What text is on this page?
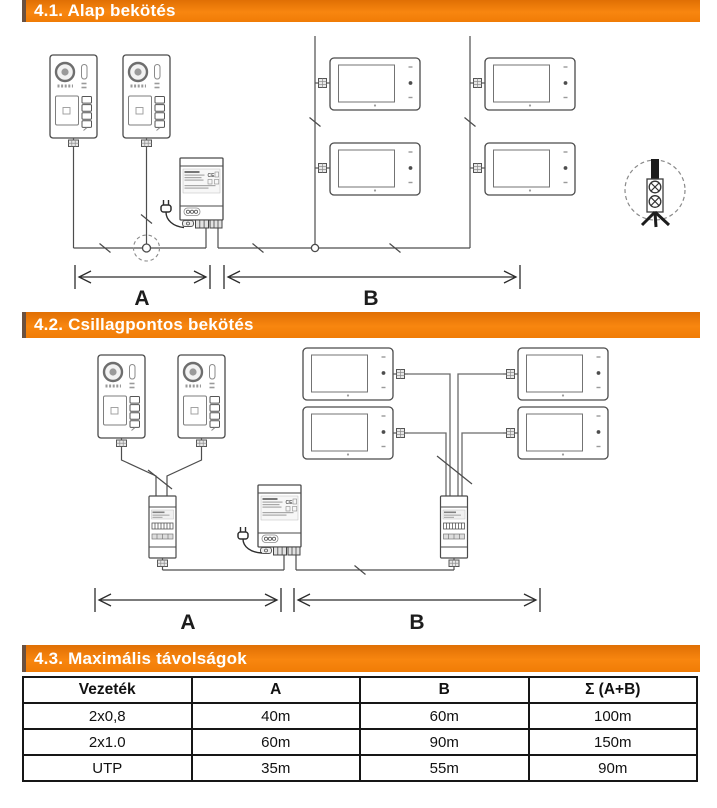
4.1. Alap bekötés
A	B
4.2. Csillagpontos bekötés
A	B
4.3. Maximális távolságok
Vezeték	A	B	Σ (A+B)
2x0,8	40m	60m	100m
2x1.0	60m	90m	150m
UTP	35m	55m	90m
